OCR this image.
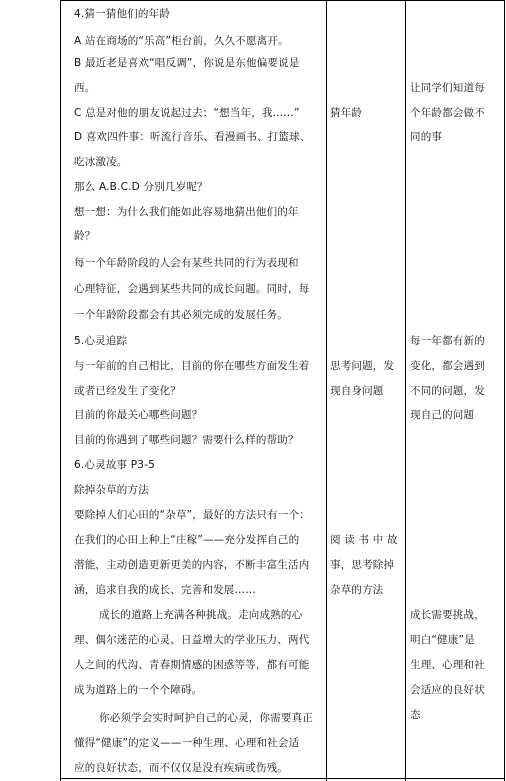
4.猜一猜他们的年龄
A 站在商场的“乐高”柜台前，久久不愿离开。
B 最近老是喜欢“唱反调”，你说是东他偏要说是
西。
C 总是对他的朋友说起过去：“想当年，我……”
D 喜欢四件事：听流行音乐、看漫画书、打篮球、
吃冰激凌。
那么 A.B.C.D 分别几岁呢？
想一想：为什么我们能如此容易地猜出他们的年
龄？
每一个年龄阶段的人会有某些共同的行为表现和
心理特征，会遇到某些共同的成长问题。同时，每
一个年龄阶段都会有其必须完成的发展任务。
5.心灵追踪
与一年前的自己相比，目前的你在哪些方面发生着
或者已经发生了变化？
目前的你最关心哪些问题？
目前的你遇到了哪些问题？需要什么样的帮助？
6.心灵故事 P3-5
除掉杂草的方法
要除掉人们心田的“杂草”，最好的方法只有一个：
在我们的心田上种上“庄稼”——充分发挥自己的
潜能，主动创造更新更美的内容，不断丰富生活内
涵，追求自我的成长、完善和发展……
成长的道路上充满各种挑战。走向成熟的心
理、偶尔迷茫的心灵、日益增大的学业压力、两代
人之间的代沟、青春期情感的困惑等等，都有可能
成为道路上的一个个障碍。
你必须学会实时呵护自己的心灵，你需要真正
懂得“健康”的定义——一种生理、心理和社会适
应的良好状态，而不仅仅是没有疾病或伤残。
猜年龄
思考问题，发
现自身问题
阅 读 书 中 故
事，思考除掉
杂草的方法
让同学们知道每
个年龄都会做不
同的事
每一年都有新的
变化，都会遇到
不同的问题，发
现自己的问题
成长需要挑战，
明白“健康”是
生理、心理和社
会适应的良好状
态
